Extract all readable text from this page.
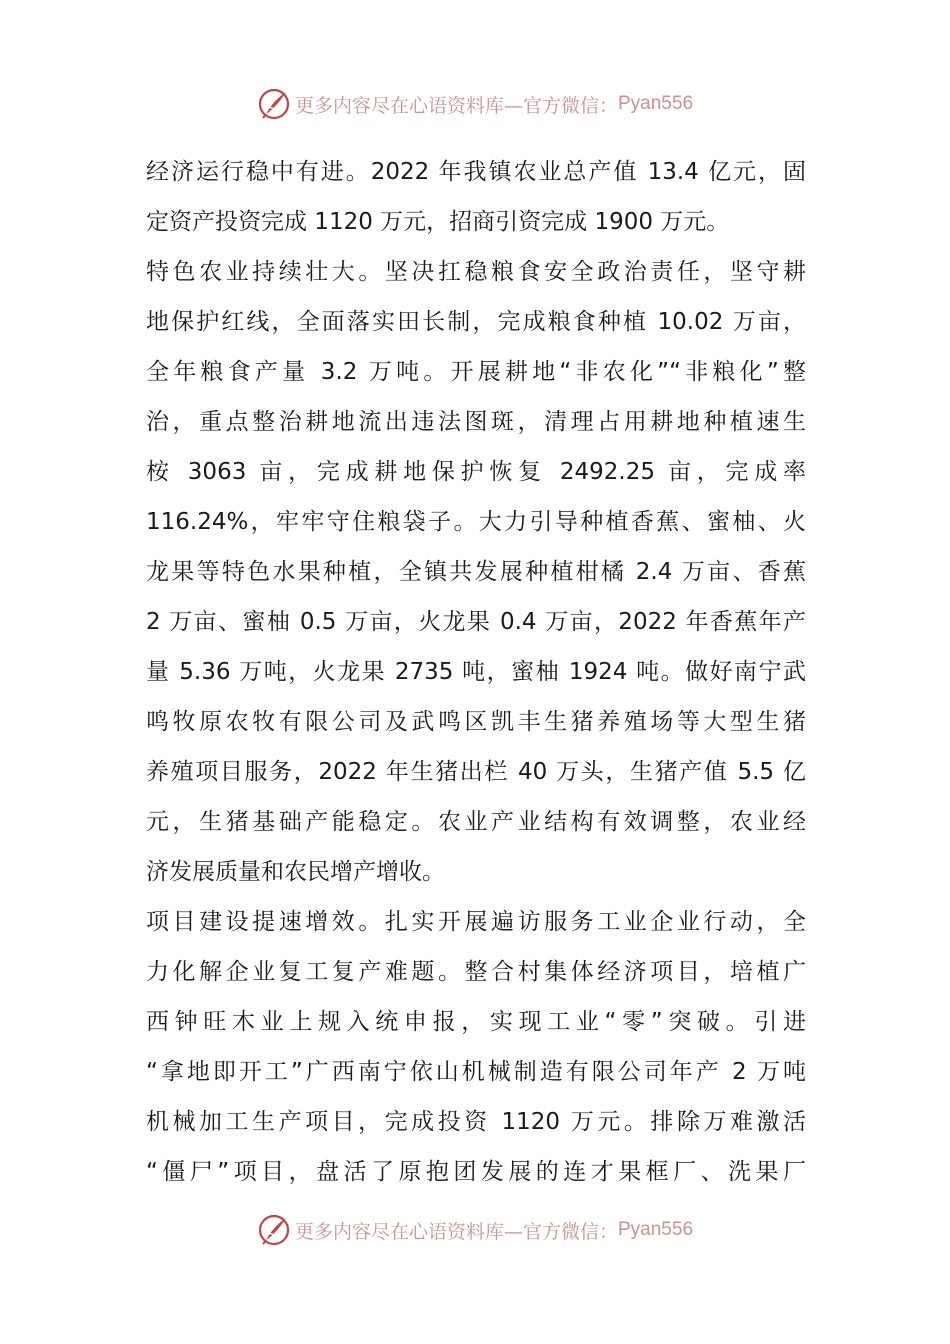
更多内容尽在心语资料库—官方微信： Pyan556
经济运行稳中有进。2022 年我镇农业总产值 13.4 亿元，固
定资产投资完成 1120 万元，招商引资完成 1900 万元。
特色农业持续壮大。坚决扛稳粮食安全政治责任，坚守耕
地保护红线，全面落实田长制，完成粮食种植 10.02 万亩，
全年粮食产量 3.2 万吨。开展耕地“非农化”“非粮化”整
治，重点整治耕地流出违法图斑，清理占用耕地种植速生
桉 3063 亩，完成耕地保护恢复 2492.25 亩，完成率
116.24%，牢牢守住粮袋子。大力引导种植香蕉、蜜柚、火
龙果等特色水果种植，全镇共发展种植柑橘 2.4 万亩、香蕉
2 万亩、蜜柚 0.5 万亩，火龙果 0.4 万亩，2022 年香蕉年产
量 5.36 万吨，火龙果 2735 吨，蜜柚 1924 吨。做好南宁武
鸣牧原农牧有限公司及武鸣区凯丰生猪养殖场等大型生猪
养殖项目服务，2022 年生猪出栏 40 万头，生猪产值 5.5 亿
元，生猪基础产能稳定。农业产业结构有效调整，农业经
济发展质量和农民增产增收。
项目建设提速增效。扎实开展遍访服务工业企业行动，全
力化解企业复工复产难题。整合村集体经济项目，培植广
西钟旺木业上规入统申报，实现工业“零”突破。引进
“拿地即开工”广西南宁依山机械制造有限公司年产 2 万吨
机械加工生产项目，完成投资 1120 万元。排除万难激活
“僵尸”项目，盘活了原抱团发展的连才果框厂、洗果厂
更多内容尽在心语资料库—官方微信： Pyan556
